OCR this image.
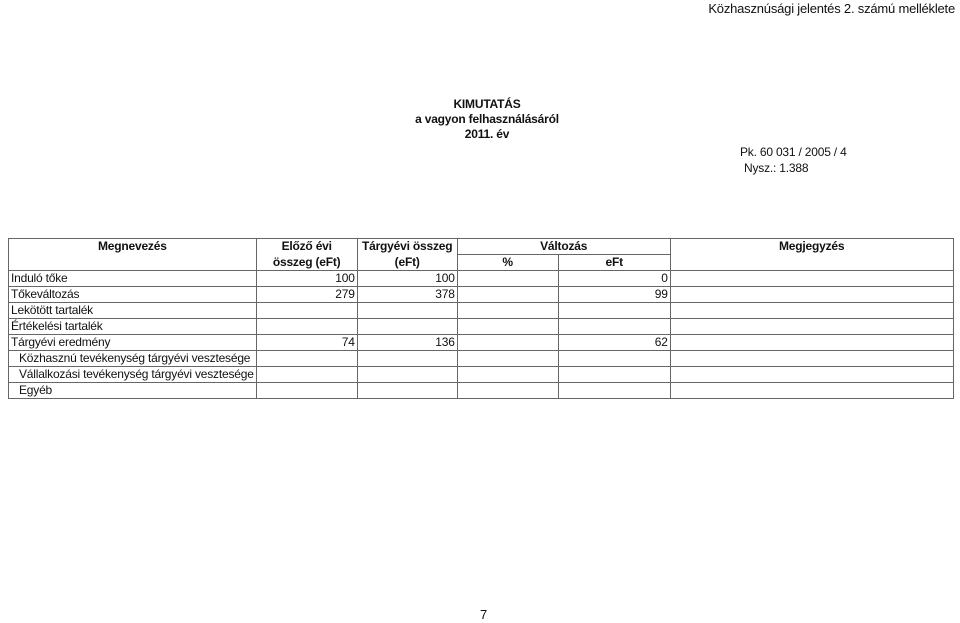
Közhasznúsági jelentés 2. számú melléklete
KIMUTATÁS
a vagyon felhasználásáról
2011. év
Pk. 60 031 / 2005 / 4
Nysz.: 1.388
Megnevezés	Előző évi	Tárgyévi összeg	Változás		Megjegyzés
	összeg (eFt)	(eFt)	%	eFt	
Induló tőke	100	100		0	
Tőkeváltozás	279	378		99	
Lekötött tartalék					
Értékelési tartalék					
Tárgyévi eredmény	74	136		62	
Közhasznú tevékenység tárgyévi vesztesége					
Vállalkozási tevékenység tárgyévi vesztesége					
Egyéb					
7
